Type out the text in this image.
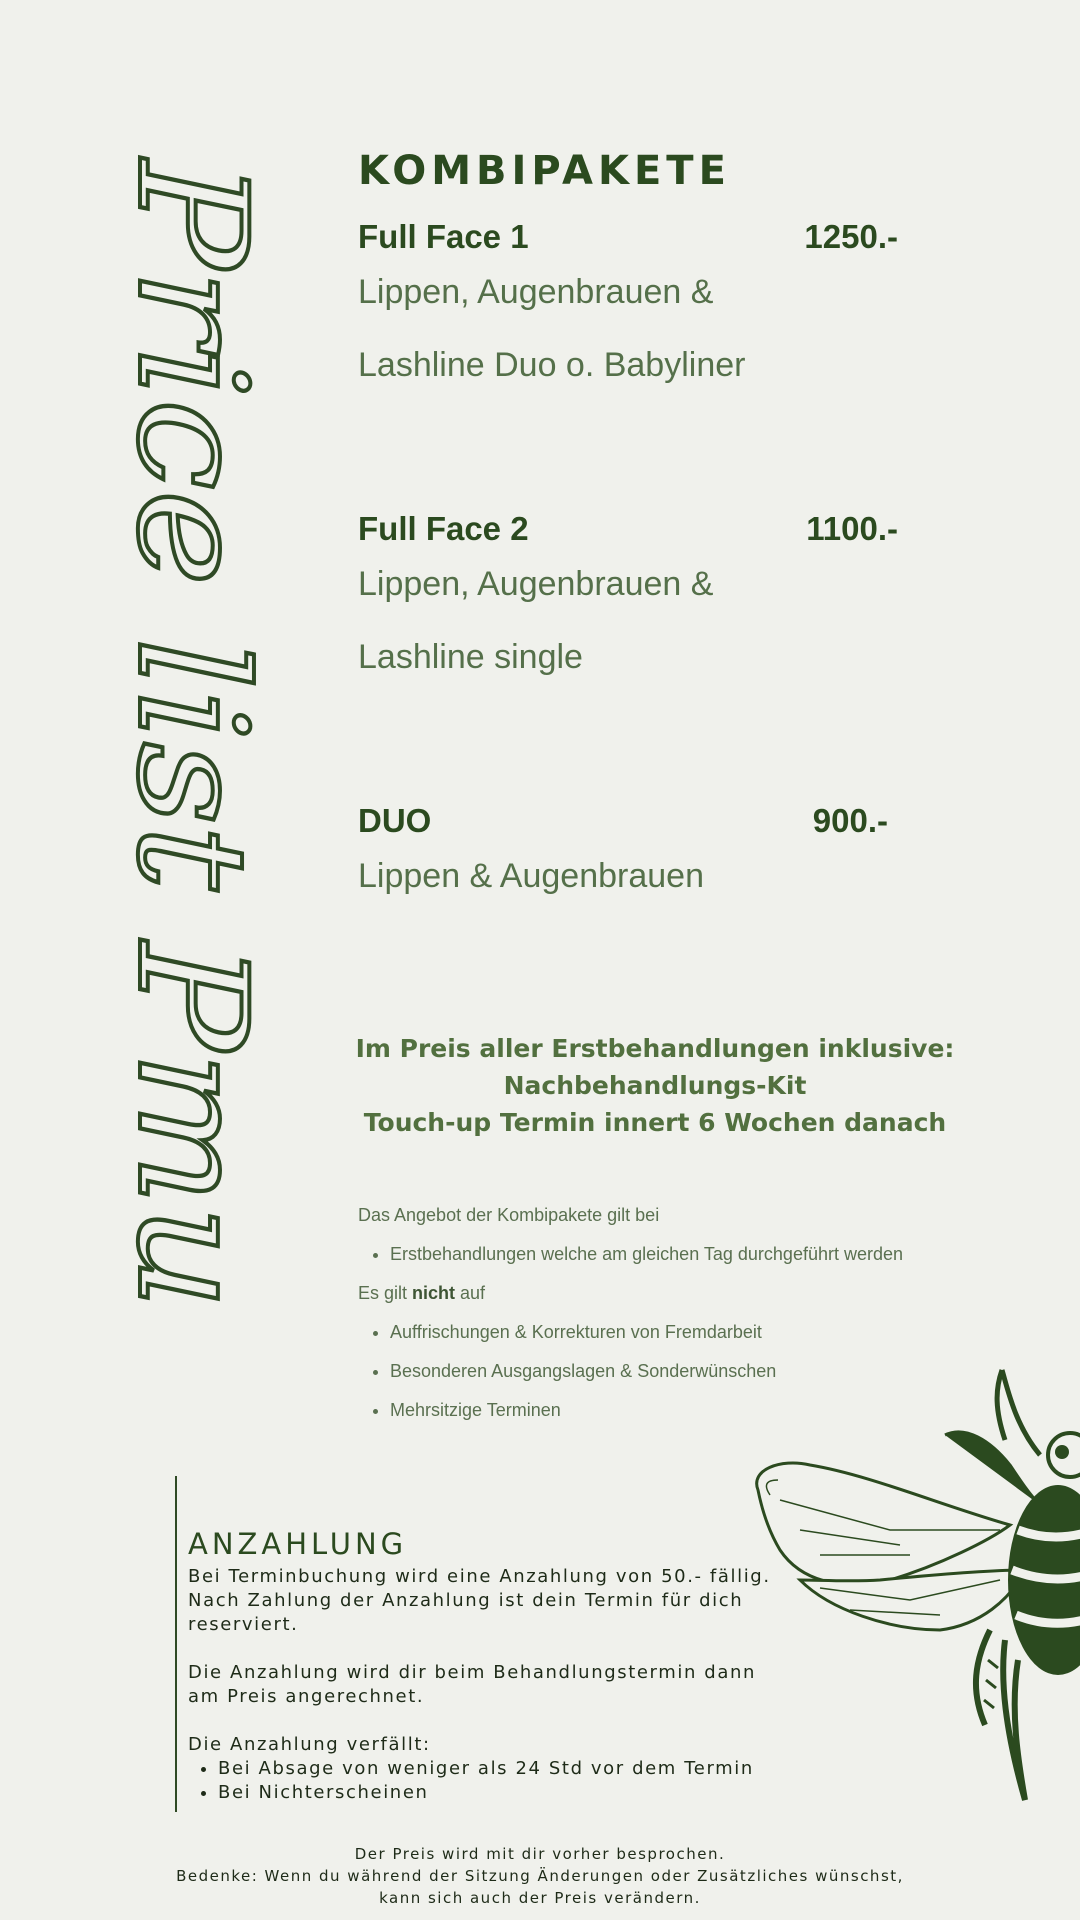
Price list Pmu KOMBIPAKETE
Full Face 1	1250.-
Lippen, Augenbrauen &
Lashline Duo o. Babyliner
Full Face 2	1100.-
Lippen, Augenbrauen &
Lashline single
DUO	900.-
Lippen & Augenbrauen
Im Preis aller Erstbehandlungen inklusive:
Nachbehandlungs-Kit
Touch-up Termin innert 6 Wochen danach

Das Angebot der Kombipakete gilt bei

• Erstbehandlungen welche am gleichen Tag durchgeführt werden

Es gilt nicht auf

• Auffrischungen & Korrekturen von Fremdarbeit
• Besonderen Ausgangslagen & Sonderwünschen
• Mehrsitzige Terminen
ANZAHLUNG

Bei Terminbuchung wird eine Anzahlung von 50.- fällig.

Nach Zahlung der Anzahlung ist dein Termin für dich

reserviert.

Die Anzahlung wird dir beim Behandlungstermin dann

am Preis angerechnet.

Die Anzahlung verfällt:

• Bei Absage von weniger als 24 Std vor dem Termin
• Bei Nichterscheinen
Der Preis wird mit dir vorher besprochen.
Bedenke: Wenn du während der Sitzung Änderungen oder Zusätzliches wünschst,
kann sich auch der Preis verändern.
